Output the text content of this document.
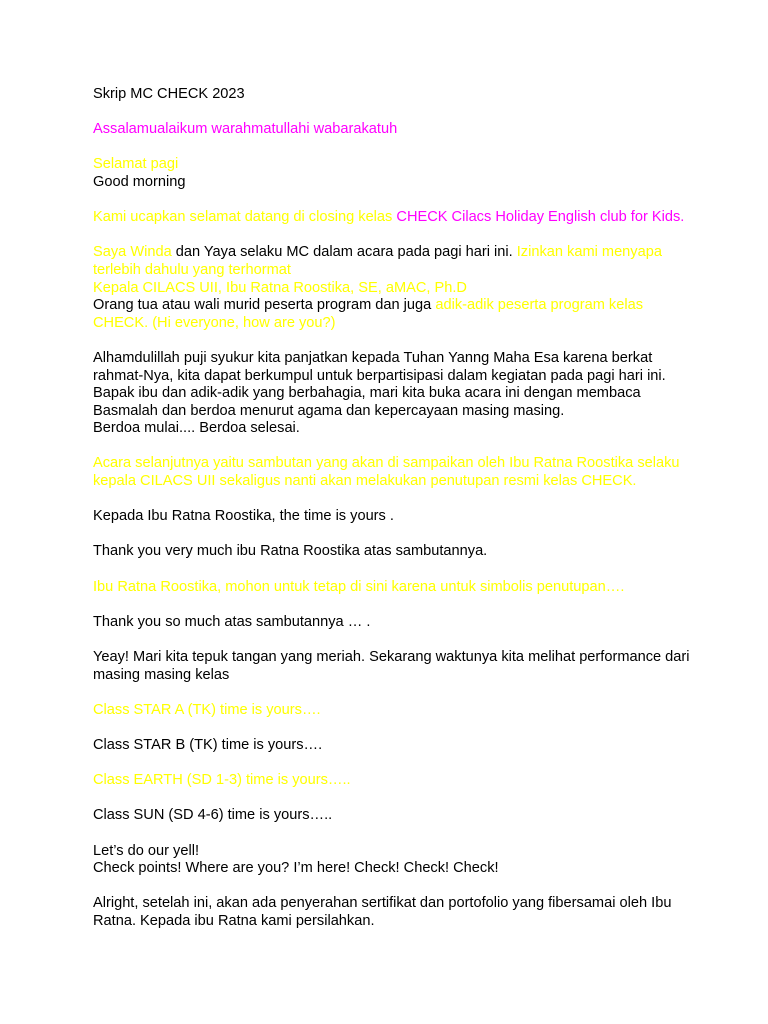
Skrip MC CHECK 2023

Assalamualaikum warahmatullahi wabarakatuh

Selamat pagi
Good morning

Kami ucapkan selamat datang di closing kelas CHECK Cilacs Holiday English club for Kids.

Saya Winda dan Yaya selaku MC dalam acara pada pagi hari ini. Izinkan kami menyapa terlebih dahulu yang terhormat
Kepala CILACS UII, Ibu Ratna Roostika, SE, aMAC, Ph.D
Orang tua atau wali murid peserta program dan juga adik-adik peserta program kelas CHECK. (Hi everyone, how are you?)

Alhamdulillah puji syukur kita panjatkan kepada Tuhan Yanng Maha Esa karena berkat rahmat-Nya, kita dapat berkumpul untuk berpartisipasi dalam kegiatan pada pagi hari ini. Bapak ibu dan adik-adik yang berbahagia, mari kita buka acara ini dengan membaca Basmalah dan berdoa menurut agama dan kepercayaan masing masing.
Berdoa mulai.... Berdoa selesai.

Acara selanjutnya yaitu sambutan yang akan di sampaikan oleh Ibu Ratna Roostika selaku kepala CILACS UII sekaligus nanti akan melakukan penutupan resmi kelas CHECK.

Kepada Ibu Ratna Roostika, the time is yours .

Thank you very much ibu Ratna Roostika atas sambutannya.

Ibu Ratna Roostika, mohon untuk tetap di sini karena untuk simbolis penutupan….

Thank you so much atas sambutannya … .

Yeay! Mari kita tepuk tangan yang meriah. Sekarang waktunya kita melihat performance dari masing masing kelas

Class STAR A (TK) time is yours….

Class STAR B (TK) time is yours….

Class EARTH (SD 1-3) time is yours…..

Class SUN (SD 4-6) time is yours…..

Let’s do our yell!
Check points! Where are you? I’m here! Check! Check! Check!

Alright, setelah ini, akan ada penyerahan sertifikat dan portofolio yang fibersamai oleh Ibu Ratna. Kepada ibu Ratna kami persilahkan.
